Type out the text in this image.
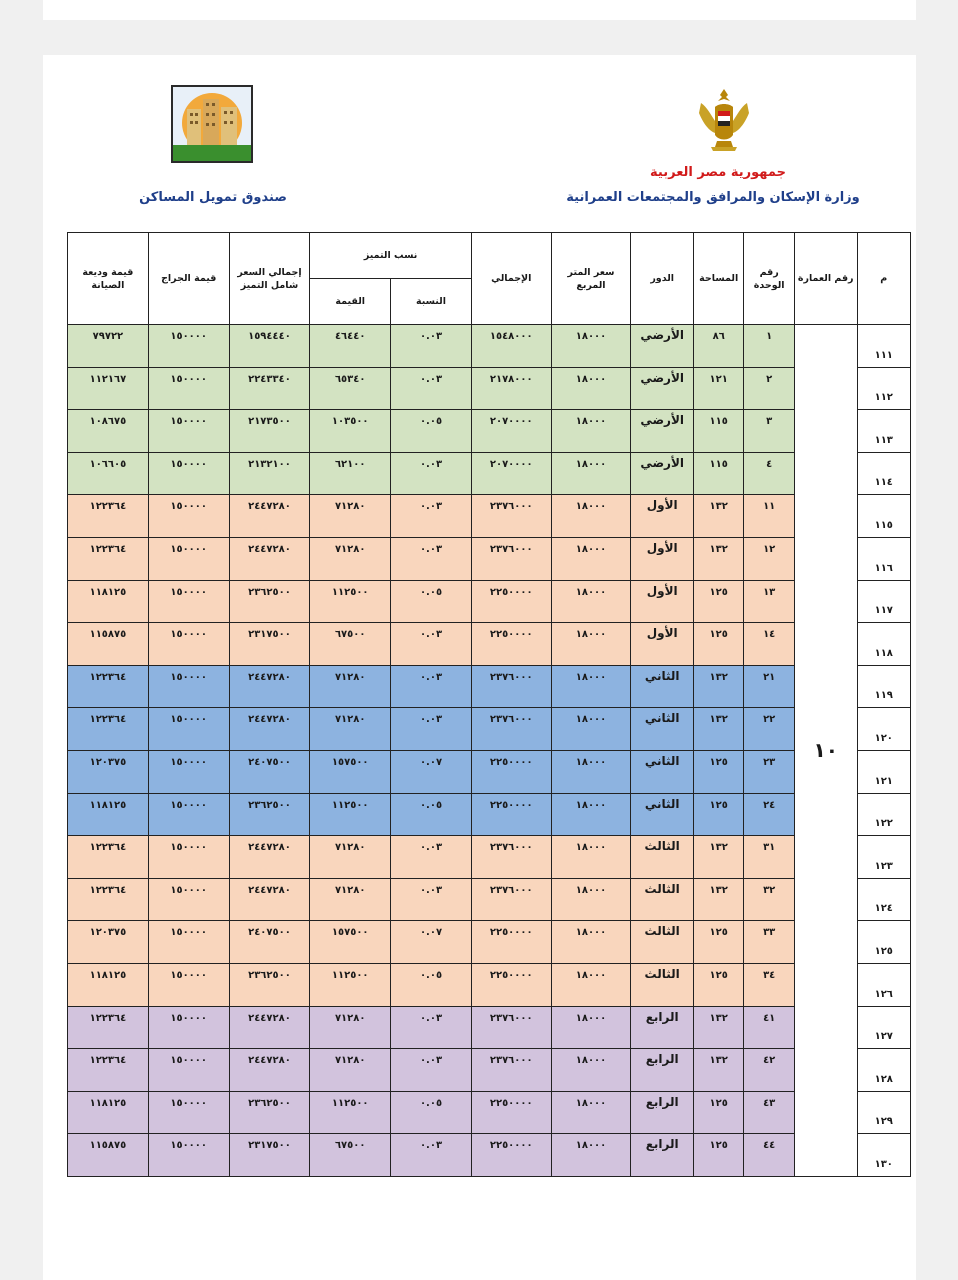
جمهورية مصر العربية
وزارة الإسكان والمرافق والمجتمعات العمرانية
صندوق تمويل المساكن
م	رقم العمارة	رقم الوحدة	المساحة	الدور	سعر المتر المربع	الإجمالي	نسب التميز		إجمالي السعر شامل التميز	قيمة الجراج	قيمة وديعة الصيانة
							النسبة	القيمة			
١١١	١٠	١	٨٦	الأرضي	١٨٠٠٠	١٥٤٨٠٠٠	٠.٠٣	٤٦٤٤٠	١٥٩٤٤٤٠	١٥٠٠٠٠	٧٩٧٢٢
١١٢		٢	١٢١	الأرضي	١٨٠٠٠	٢١٧٨٠٠٠	٠.٠٣	٦٥٣٤٠	٢٢٤٣٣٤٠	١٥٠٠٠٠	١١٢١٦٧
١١٣		٣	١١٥	الأرضي	١٨٠٠٠	٢٠٧٠٠٠٠	٠.٠٥	١٠٣٥٠٠	٢١٧٣٥٠٠	١٥٠٠٠٠	١٠٨٦٧٥
١١٤		٤	١١٥	الأرضي	١٨٠٠٠	٢٠٧٠٠٠٠	٠.٠٣	٦٢١٠٠	٢١٣٢١٠٠	١٥٠٠٠٠	١٠٦٦٠٥
١١٥		١١	١٣٢	الأول	١٨٠٠٠	٢٣٧٦٠٠٠	٠.٠٣	٧١٢٨٠	٢٤٤٧٢٨٠	١٥٠٠٠٠	١٢٢٣٦٤
١١٦		١٢	١٣٢	الأول	١٨٠٠٠	٢٣٧٦٠٠٠	٠.٠٣	٧١٢٨٠	٢٤٤٧٢٨٠	١٥٠٠٠٠	١٢٢٣٦٤
١١٧		١٣	١٢٥	الأول	١٨٠٠٠	٢٢٥٠٠٠٠	٠.٠٥	١١٢٥٠٠	٢٣٦٢٥٠٠	١٥٠٠٠٠	١١٨١٢٥
١١٨		١٤	١٢٥	الأول	١٨٠٠٠	٢٢٥٠٠٠٠	٠.٠٣	٦٧٥٠٠	٢٣١٧٥٠٠	١٥٠٠٠٠	١١٥٨٧٥
١١٩		٢١	١٣٢	الثاني	١٨٠٠٠	٢٣٧٦٠٠٠	٠.٠٣	٧١٢٨٠	٢٤٤٧٢٨٠	١٥٠٠٠٠	١٢٢٣٦٤
١٢٠		٢٢	١٣٢	الثاني	١٨٠٠٠	٢٣٧٦٠٠٠	٠.٠٣	٧١٢٨٠	٢٤٤٧٢٨٠	١٥٠٠٠٠	١٢٢٣٦٤
١٢١		٢٣	١٢٥	الثاني	١٨٠٠٠	٢٢٥٠٠٠٠	٠.٠٧	١٥٧٥٠٠	٢٤٠٧٥٠٠	١٥٠٠٠٠	١٢٠٣٧٥
١٢٢		٢٤	١٢٥	الثاني	١٨٠٠٠	٢٢٥٠٠٠٠	٠.٠٥	١١٢٥٠٠	٢٣٦٢٥٠٠	١٥٠٠٠٠	١١٨١٢٥
١٢٣		٣١	١٣٢	الثالث	١٨٠٠٠	٢٣٧٦٠٠٠	٠.٠٣	٧١٢٨٠	٢٤٤٧٢٨٠	١٥٠٠٠٠	١٢٢٣٦٤
١٢٤		٣٢	١٣٢	الثالث	١٨٠٠٠	٢٣٧٦٠٠٠	٠.٠٣	٧١٢٨٠	٢٤٤٧٢٨٠	١٥٠٠٠٠	١٢٢٣٦٤
١٢٥		٣٣	١٢٥	الثالث	١٨٠٠٠	٢٢٥٠٠٠٠	٠.٠٧	١٥٧٥٠٠	٢٤٠٧٥٠٠	١٥٠٠٠٠	١٢٠٣٧٥
١٢٦		٣٤	١٢٥	الثالث	١٨٠٠٠	٢٢٥٠٠٠٠	٠.٠٥	١١٢٥٠٠	٢٣٦٢٥٠٠	١٥٠٠٠٠	١١٨١٢٥
١٢٧		٤١	١٣٢	الرابع	١٨٠٠٠	٢٣٧٦٠٠٠	٠.٠٣	٧١٢٨٠	٢٤٤٧٢٨٠	١٥٠٠٠٠	١٢٢٣٦٤
١٢٨		٤٢	١٣٢	الرابع	١٨٠٠٠	٢٣٧٦٠٠٠	٠.٠٣	٧١٢٨٠	٢٤٤٧٢٨٠	١٥٠٠٠٠	١٢٢٣٦٤
١٢٩		٤٣	١٢٥	الرابع	١٨٠٠٠	٢٢٥٠٠٠٠	٠.٠٥	١١٢٥٠٠	٢٣٦٢٥٠٠	١٥٠٠٠٠	١١٨١٢٥
١٣٠		٤٤	١٢٥	الرابع	١٨٠٠٠	٢٢٥٠٠٠٠	٠.٠٣	٦٧٥٠٠	٢٣١٧٥٠٠	١٥٠٠٠٠	١١٥٨٧٥
